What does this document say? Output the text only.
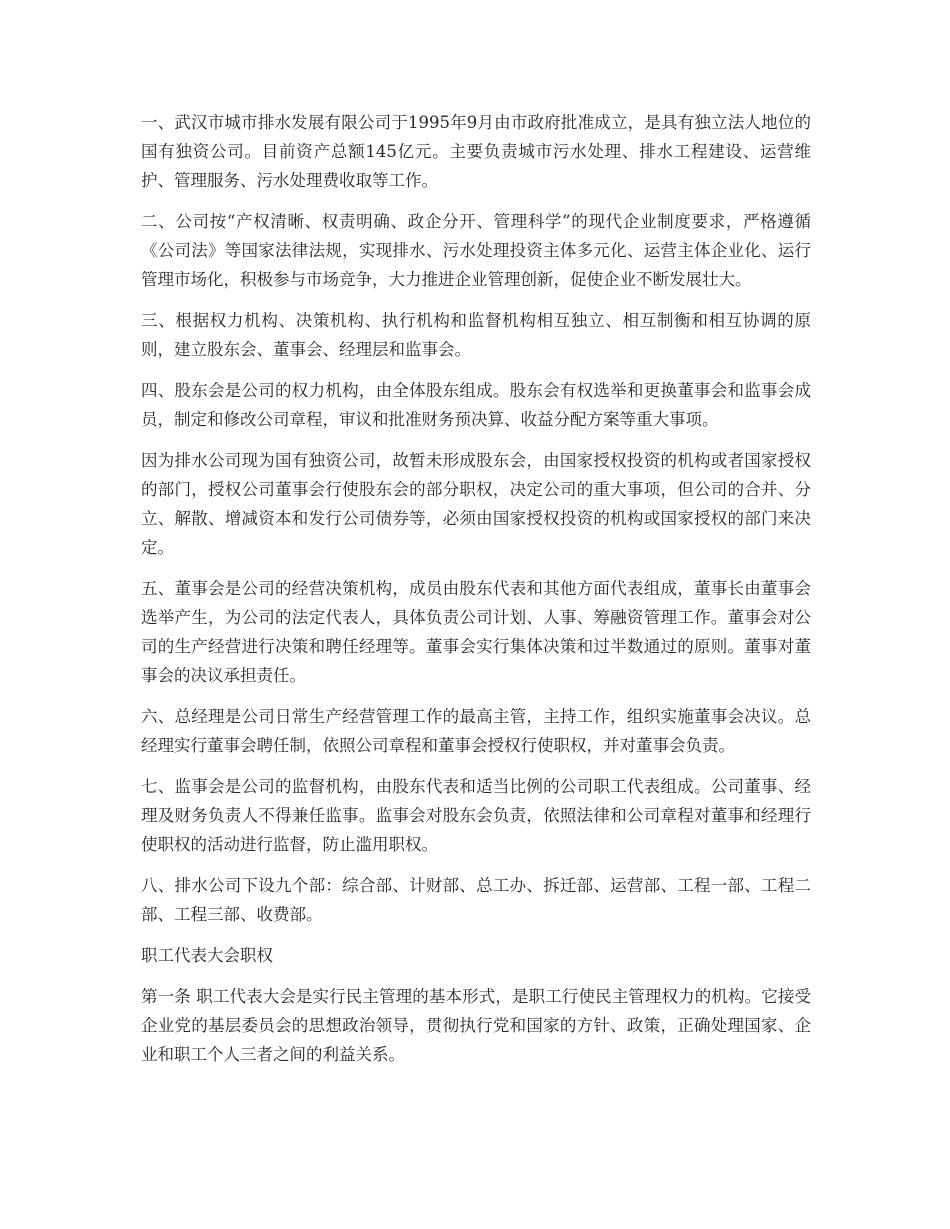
一、武汉市城市排水发展有限公司于1995年9月由市政府批准成立，是具有独立法人地位的国有独资公司。目前资产总额145亿元。主要负责城市污水处理、排水工程建设、运营维护、管理服务、污水处理费收取等工作。

二、公司按“产权清晰、权责明确、政企分开、管理科学”的现代企业制度要求，严格遵循《公司法》等国家法律法规，实现排水、污水处理投资主体多元化、运营主体企业化、运行管理市场化，积极参与市场竞争，大力推进企业管理创新，促使企业不断发展壮大。

三、根据权力机构、决策机构、执行机构和监督机构相互独立、相互制衡和相互协调的原则，建立股东会、董事会、经理层和监事会。

四、股东会是公司的权力机构，由全体股东组成。股东会有权选举和更换董事会和监事会成员，制定和修改公司章程，审议和批准财务预决算、收益分配方案等重大事项。

因为排水公司现为国有独资公司，故暂未形成股东会，由国家授权投资的机构或者国家授权的部门，授权公司董事会行使股东会的部分职权，决定公司的重大事项，但公司的合并、分立、解散、增减资本和发行公司债券等，必须由国家授权投资的机构或国家授权的部门来决定。

五、董事会是公司的经营决策机构，成员由股东代表和其他方面代表组成，董事长由董事会选举产生，为公司的法定代表人，具体负责公司计划、人事、筹融资管理工作。董事会对公司的生产经营进行决策和聘任经理等。董事会实行集体决策和过半数通过的原则。董事对董事会的决议承担责任。

六、总经理是公司日常生产经营管理工作的最高主管，主持工作，组织实施董事会决议。总经理实行董事会聘任制，依照公司章程和董事会授权行使职权，并对董事会负责。

七、监事会是公司的监督机构，由股东代表和适当比例的公司职工代表组成。公司董事、经理及财务负责人不得兼任监事。监事会对股东会负责，依照法律和公司章程对董事和经理行使职权的活动进行监督，防止滥用职权。

八、排水公司下设九个部：综合部、计财部、总工办、拆迁部、运营部、工程一部、工程二部、工程三部、收费部。

职工代表大会职权

第一条 职工代表大会是实行民主管理的基本形式，是职工行使民主管理权力的机构。它接受企业党的基层委员会的思想政治领导，贯彻执行党和国家的方针、政策，正确处理国家、企业和职工个人三者之间的利益关系。
